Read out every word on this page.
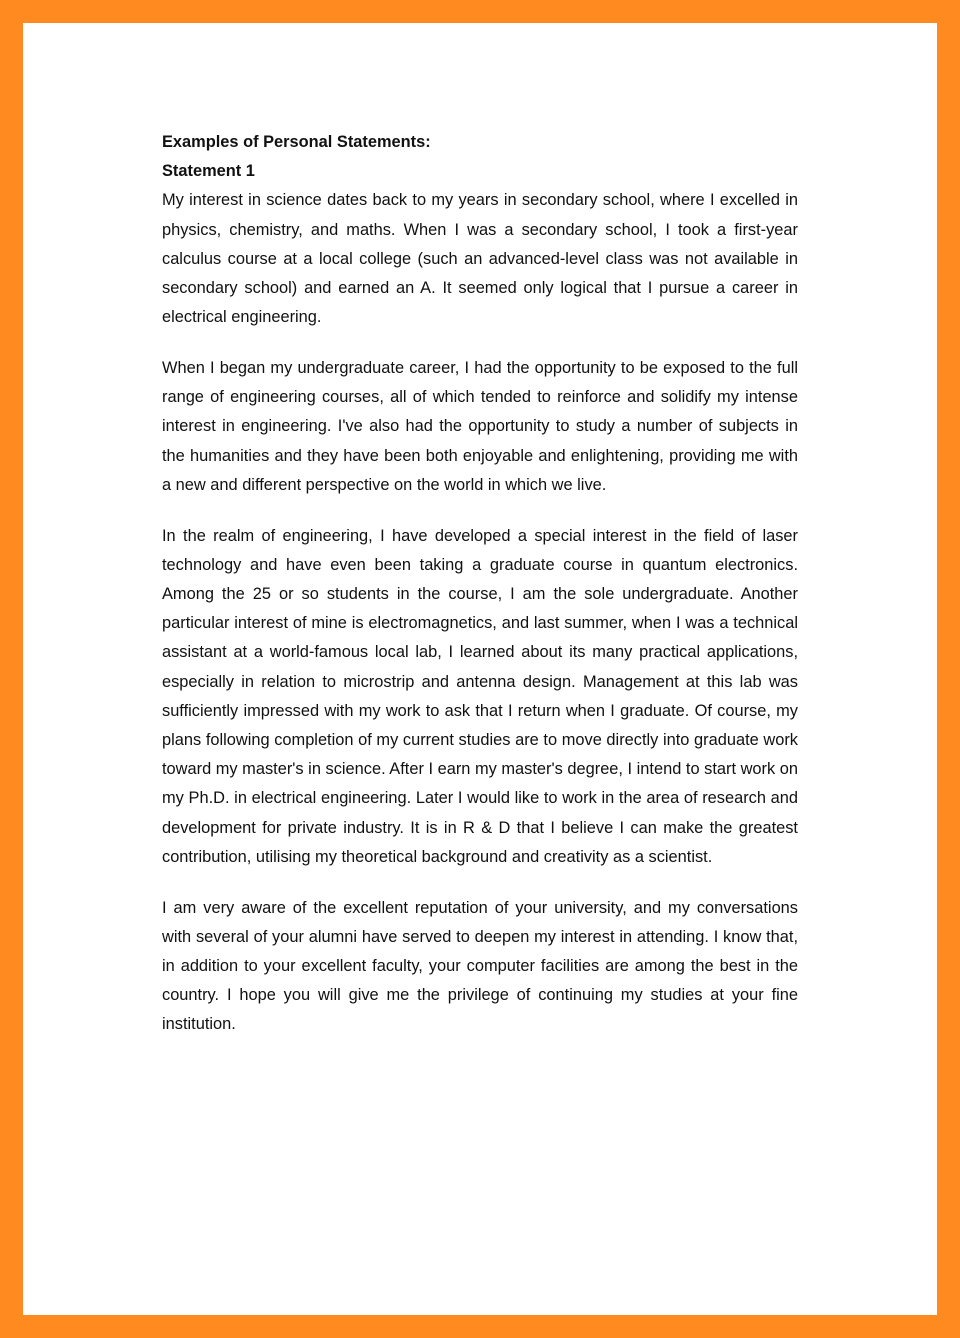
Examples of Personal Statements:

Statement 1

My interest in science dates back to my years in secondary school, where I excelled in physics, chemistry, and maths. When I was a secondary school, I took a first-year calculus course at a local college (such an advanced-level class was not available in secondary school) and earned an A. It seemed only logical that I pursue a career in electrical engineering.

When I began my undergraduate career, I had the opportunity to be exposed to the full range of engineering courses, all of which tended to reinforce and solidify my intense interest in engineering. I've also had the opportunity to study a number of subjects in the humanities and they have been both enjoyable and enlightening, providing me with a new and different perspective on the world in which we live.

In the realm of engineering, I have developed a special interest in the field of laser technology and have even been taking a graduate course in quantum electronics. Among the 25 or so students in the course, I am the sole undergraduate. Another particular interest of mine is electromagnetics, and last summer, when I was a technical assistant at a world-famous local lab, I learned about its many practical applications, especially in relation to microstrip and antenna design. Management at this lab was sufficiently impressed with my work to ask that I return when I graduate. Of course, my plans following completion of my current studies are to move directly into graduate work toward my master's in science. After I earn my master's degree, I intend to start work on my Ph.D. in electrical engineering. Later I would like to work in the area of research and development for private industry. It is in R & D that I believe I can make the greatest contribution, utilising my theoretical background and creativity as a scientist.

I am very aware of the excellent reputation of your university, and my conversations with several of your alumni have served to deepen my interest in attending. I know that, in addition to your excellent faculty, your computer facilities are among the best in the country. I hope you will give me the privilege of continuing my studies at your fine institution.
